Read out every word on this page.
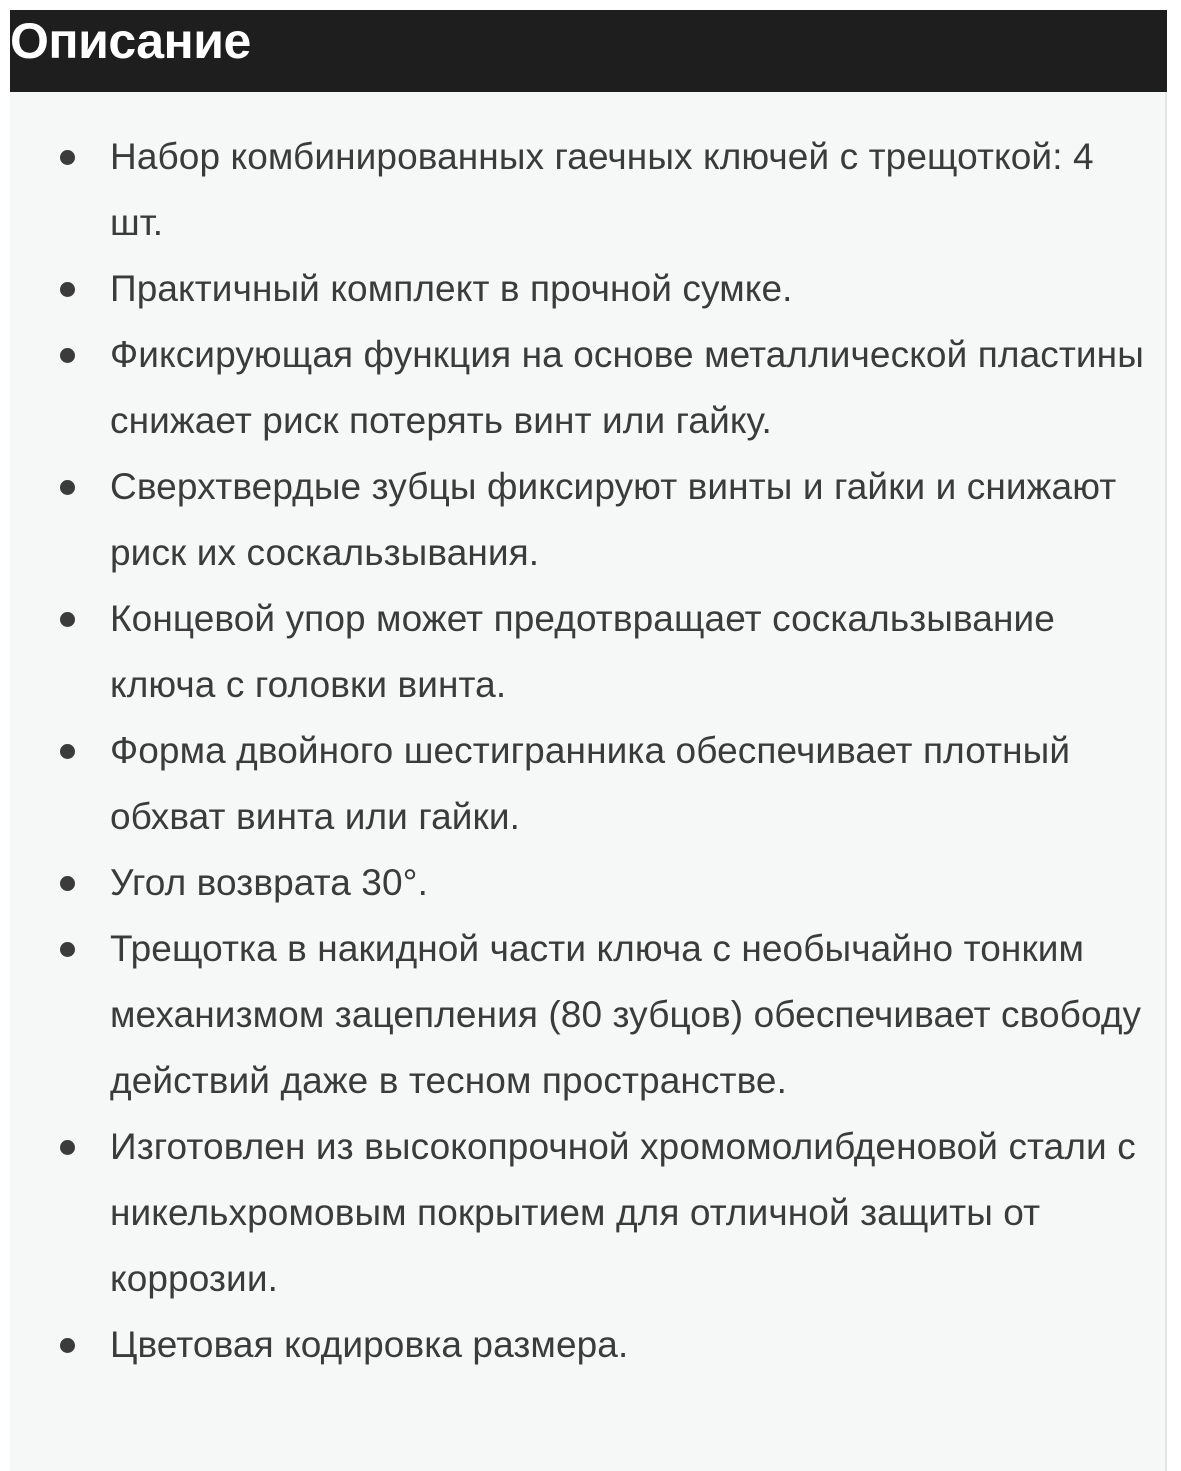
Описание
Набор комбинированных гаечных ключей с трещоткой: 4 шт.
Практичный комплект в прочной сумке.
Фиксирующая функция на основе металлической пластины снижает риск потерять винт или гайку.
Сверхтвердые зубцы фиксируют винты и гайки и снижают риск их соскальзывания.
Концевой упор может предотвращает соскальзывание ключа с головки винта.
Форма двойного шестигранника обеспечивает плотный обхват винта или гайки.
Угол возврата 30°.
Трещотка в накидной части ключа с необычайно тонким механизмом зацепления (80 зубцов) обеспечивает свободу действий даже в тесном пространстве.
Изготовлен из высокопрочной хромомолибденовой стали с никельхромовым покрытием для отличной защиты от коррозии.
Цветовая кодировка размера.
